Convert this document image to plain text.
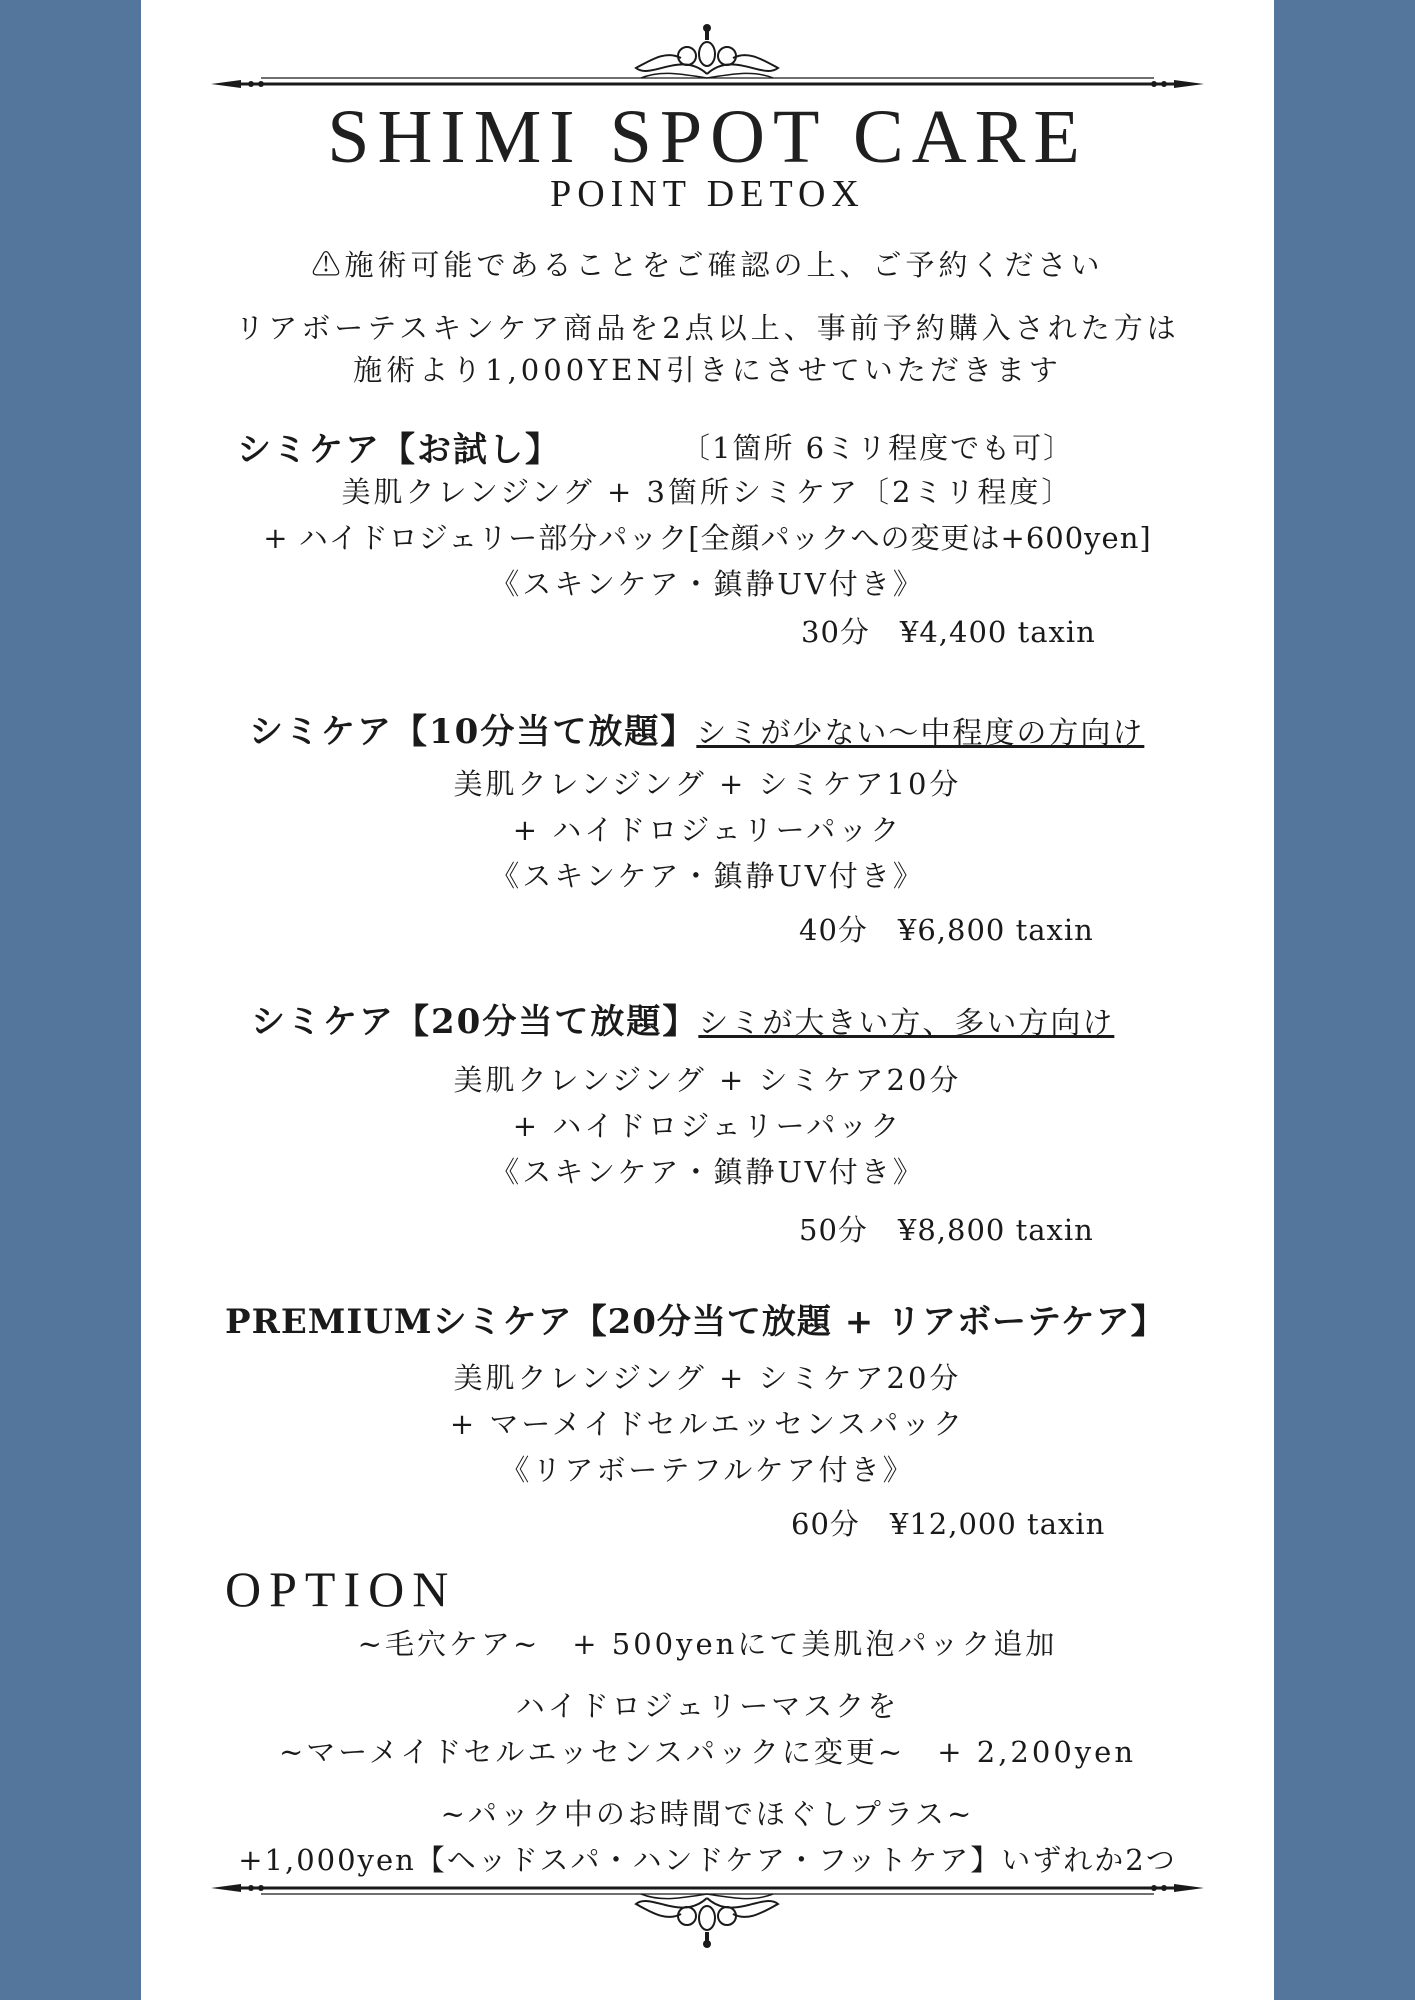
SHIMI SPOT CARE
POINT DETOX
⚠施術可能であることをご確認の上、ご予約ください
リアボーテスキンケア商品を2点以上、事前予約購入された方は
施術より1,000YEN引きにさせていただきます
シミケア【お試し】	〔1箇所 6ミリ程度でも可〕
美肌クレンジング + 3箇所シミケア〔2ミリ程度〕
+ ハイドロジェリー部分パック[全顔パックへの変更は+600yen]
《スキンケア・鎮静UV付き》
30分　¥4,400 taxin
シミケア【10分当て放題】シミが少ない～中程度の方向け
美肌クレンジング + シミケア10分
+ ハイドロジェリーパック
《スキンケア・鎮静UV付き》
40分　¥6,800 taxin
シミケア【20分当て放題】シミが大きい方、多い方向け
美肌クレンジング + シミケア20分
+ ハイドロジェリーパック
《スキンケア・鎮静UV付き》
50分　¥8,800 taxin
PREMIUMシミケア【20分当て放題 + リアボーテケア】
美肌クレンジング + シミケア20分
+ マーメイドセルエッセンスパック
《リアボーテフルケア付き》
60分　¥12,000 taxin
OPTION
~毛穴ケア~　+ 500yenにて美肌泡パック追加
ハイドロジェリーマスクを
~マーメイドセルエッセンスパックに変更~　+ 2,200yen
~パック中のお時間でほぐしプラス~
+1,000yen【ヘッドスパ・ハンドケア・フットケア】いずれか2つ
